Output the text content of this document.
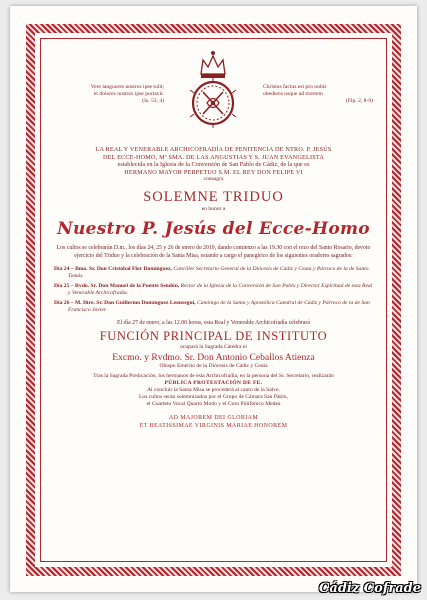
Vere languores nostros ipse tulit;
et dolores nostros ipse portavit.
(Is. 53, 4)
Christus factus est pro nobis
obediens usque ad mortem
(Flp. 2, 8-9)
LA REAL Y VENERABLE ARCHICOFRADÍA DE PENITENCIA DE NTRO. P. JESÚS
DEL ECCE-HOMO, Mª SMA. DE LAS ANGUSTIAS Y S. JUAN EVANGELISTA
establecida en la Iglesia de la Conversión de San Pablo de Cádiz, de la que es
HERMANO MAYOR PERPETUO S.M. EL REY DON FELIPE VI
consagra
SOLEMNE TRIDUO
en honor a
Nuestro P. Jesús del Ecce-Homo
Los cultos se celebrarán D.m., los días 24, 25 y 26 de enero de 2019, dando comienzo a las 19.30 con el rezo del Santo Rosario, devoto ejercicio del Triduo y la celebración de la Santa Misa, estando a cargo el panegírico de los siguientes oradores sagrados:
Día 24 – Ilmo. Sr. Don Cristóbal Flor Domínguez, Canciller Secretario General de la Diócesis de Cádiz y Ceuta y Párroco de la de Santo Tomás.
Día 25 – Rvdo. Sr. Don Manuel de la Puente Sendón, Rector de la Iglesia de la Conversión de San Pablo y Director Espiritual de esta Real y Venerable Archicofradía.
Día 26 – M. Iltre. Sr. Don Guillermo Domínguez Leonsegui, Canónigo de la Santa y Apostólica Catedral de Cádiz y Párroco de la de San Francisco Javier.
El día 27 de enero, a las 12.00 horas, esta Real y Venerable Archicofradía celebrará
FUNCIÓN PRINCIPAL DE INSTITUTO
ocupará la Sagrada Cátedra el
Excmo. y Rvdmo. Sr. Don Antonio Ceballos Atienza
Obispo Emérito de la Diócesis de Cádiz y Ceuta
Tras la Sagrada Predicación, los hermanos de esta Archicofradía, en la persona del Sr. Secretario, realizarán
PÚBLICA PROTESTACIÓN DE FE.
Al concluir la Santa Misa se procederá al canto de la Salve.
Los cultos serán solemnizados por el Grupo de Cámara San Pablo,
el Cuarteto Vocal Quarto Modo y el Coro Polifónico Medea
AD MAJOREM DEI GLORIAM
ET BEATISSIMAE VIRGINIS MARIAE HONOREM
Cádiz Cofrade
